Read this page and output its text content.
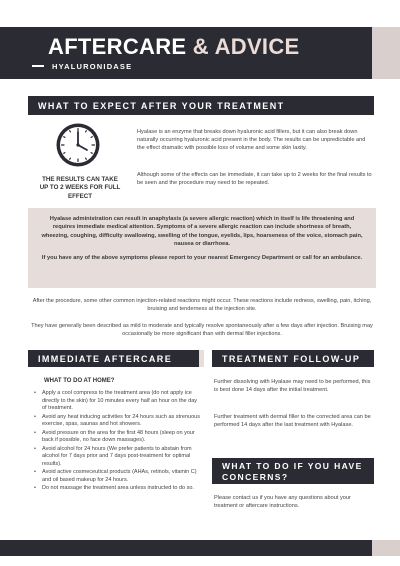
AFTERCARE & ADVICE
HYALURONIDASE
WHAT TO EXPECT AFTER YOUR TREATMENT
THE RESULTS CAN TAKE UP TO 2 WEEKS FOR FULL EFFECT
Hyalase is an enzyme that breaks down hyaluronic acid fillers, but it can also break down naturally occurring hyaluronic acid present in the body. The results can be unpredictable and the effect dramatic with possible loss of volume and some skin laxity.
Although some of the effects can be immediate, it can take up to 2 weeks for the final results to be seen and the procedure may need to be repeated.

Hyalase administration can result in anaphylaxis (a severe allergic reaction) which in itself is life threatening and requires immediate medical attention. Symptoms of a severe allergic reaction can include shortness of breath, wheezing, coughing, difficulty swallowing, swelling of the tongue, eyelids, lips, hoarseness of the voice, stomach pain, nausea or diarrhoea.

If you have any of the above symptoms please report to your nearest Emergency Department or call for an ambulance.

After the procedure, some other common injection-related reactions might occur. These reactions include redness, swelling, pain, itching, bruising and tenderness at the injection site.
They have generally been described as mild to moderate and typically resolve spontaneously after a few days after injection. Bruising may occasionally be more significant than with dermal filler injections.
IMMEDIATE AFTERCARE
WHAT TO DO AT HOME?
• Apply a cool compress to the treatment area (do not apply ice directly to the skin) for 10 minutes every half an hour on the day of treatment.
• Avoid any heat inducing activities for 24 hours such as strenuous exercise, spas, saunas and hot showers.
• Avoid pressure on the area for the first 48 hours (sleep on your back if possible, no face down massages).
• Avoid alcohol for 24 hours (We prefer patients to abstain from alcohol for 7 days prior and 7 days post-treatment for optimal results).
• Avoid active cosmeceutical products (AHAs, retinols, vitamin C) and oil based makeup for 24 hours.
• Do not massage the treatment area unless instructed to do so.
TREATMENT FOLLOW-UP
Further dissolving with Hyalase may need to be performed, this is best done 14 days after the initial treatment.
Further treatment with dermal filler to the corrected area can be performed 14 days after the last treatment with Hyalase.
WHAT TO DO IF YOU HAVE CONCERNS?
Please contact us if you have any questions about your treatment or aftercare instructions.
